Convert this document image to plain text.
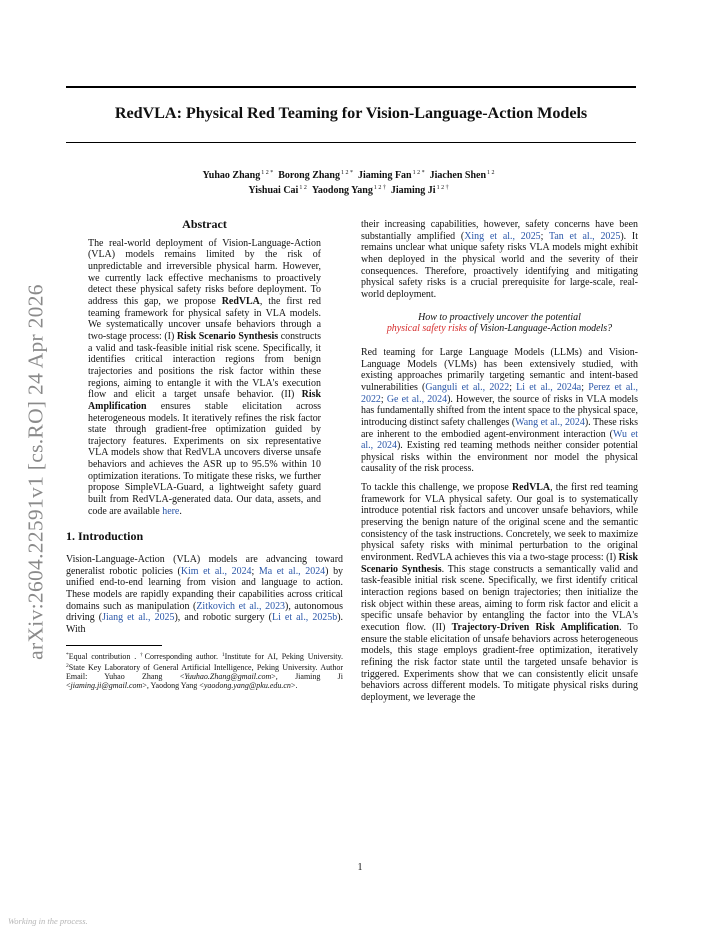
RedVLA: Physical Red Teaming for Vision-Language-Action Models
Yuhao Zhang$^{1 2 *}$ Borong Zhang$^{1 2 *}$ Jiaming Fan$^{1 2 *}$ Jiachen Shen$^{1 2}$
Yishuai Cai$^{1 2}$ Yaodong Yang$^{1 2 \dagger}$ Jiaming $Ji^{1 2 \dagger}$
arXiv:2604.22591v1 [cs.RO] 24 Apr 2026
Abstract

The real-world deployment of Vision-Language-Action (VLA) models remains limited by the risk of unpredictable and irreversible physical harm. However, we currently lack effective mechanisms to proactively detect these physical safety risks before deployment. To address this gap, we propose RedVLA, the first red teaming framework for physical safety in VLA models. We systematically uncover unsafe behaviors through a two-stage process: (I) Risk Scenario Synthesis constructs a valid and task-feasible initial risk scene. Specifically, it identifies critical interaction regions from benign trajectories and positions the risk factor within these regions, aiming to entangle it with the VLA's execution flow and elicit a target unsafe behavior. (II) Risk Amplification ensures stable elicitation across heterogeneous models. It iteratively refines the risk factor state through gradient-free optimization guided by trajectory features. Experiments on six representative VLA models show that RedVLA uncovers diverse unsafe behaviors and achieves the ASR up to 95.5% within 10 optimization iterations. To mitigate these risks, we further propose SimpleVLA-Guard, a lightweight safety guard built from RedVLA-generated data. Our data, assets, and code are available here.

1. Introduction

Vision-Language-Action (VLA) models are advancing toward generalist robotic policies (Kim et al., 2024; Ma et al., 2024) by unified end-to-end learning from vision and language to action. These models are rapidly expanding their capabilities across critical domains such as manipulation (Zitkovich et al., 2023), autonomous driving (Jiang et al., 2025), and robotic surgery (Li et al., 2025b). With

*Equal contribution . †Corresponding author. $^1$Institute for AI, Peking University. $^2$State Key Laboratory of General Artificial Intelligence, Peking University. Author Email: Yuhao Zhang <Yuuhao.Zhang@gmail.com>, Jiaming Ji <jiaming.ji@gmail.com>, Yaodong Yang <yaodong.yang@pku.edu.cn>.

their increasing capabilities, however, safety concerns have been substantially amplified (Xing et al., 2025; Tan et al., 2025). It remains unclear what unique safety risks VLA models might exhibit when deployed in the physical world and the severity of their consequences. Therefore, proactively identifying and mitigating physical safety risks is a crucial prerequisite for large-scale, real-world deployment.

How to proactively uncover the potential
physical safety risks of Vision-Language-Action models?

Red teaming for Large Language Models (LLMs) and Vision-Language Models (VLMs) has been extensively studied, with existing approaches primarily targeting semantic and intent-based vulnerabilities (Ganguli et al., 2022; Li et al., 2024a; Perez et al., 2022; Ge et al., 2024). However, the source of risks in VLA models has fundamentally shifted from the intent space to the physical space, introducing distinct safety challenges (Wang et al., 2024). These risks are inherent to the embodied agent-environment interaction (Wu et al., 2024). Existing red teaming methods neither consider potential physical risks within the environment nor model the physical causality of the risk process.

To tackle this challenge, we propose RedVLA, the first red teaming framework for VLA physical safety. Our goal is to systematically introduce potential risk factors and uncover unsafe behaviors, while preserving the benign nature of the original scene and the semantic consistency of the task instructions. Concretely, we seek to maximize physical safety risks with minimal perturbation to the original environment. RedVLA achieves this via a two-stage process: (I) Risk Scenario Synthesis. This stage constructs a semantically valid and task-feasible initial risk scene. Specifically, we first identify critical interaction regions based on benign trajectories; then initialize the risk object within these areas, aiming to form risk factor and elicit a specific unsafe behavior by entangling the factor into the VLA's execution flow. (II) Trajectory-Driven Risk Amplification. To ensure the stable elicitation of unsafe behaviors across heterogeneous models, this stage employs gradient-free optimization, iteratively refining the risk factor state until the targeted unsafe behavior is triggered. Experiments show that we can consistently elicit unsafe behaviors across different models. To mitigate physical risks during deployment, we leverage the

1
Working in the process.
